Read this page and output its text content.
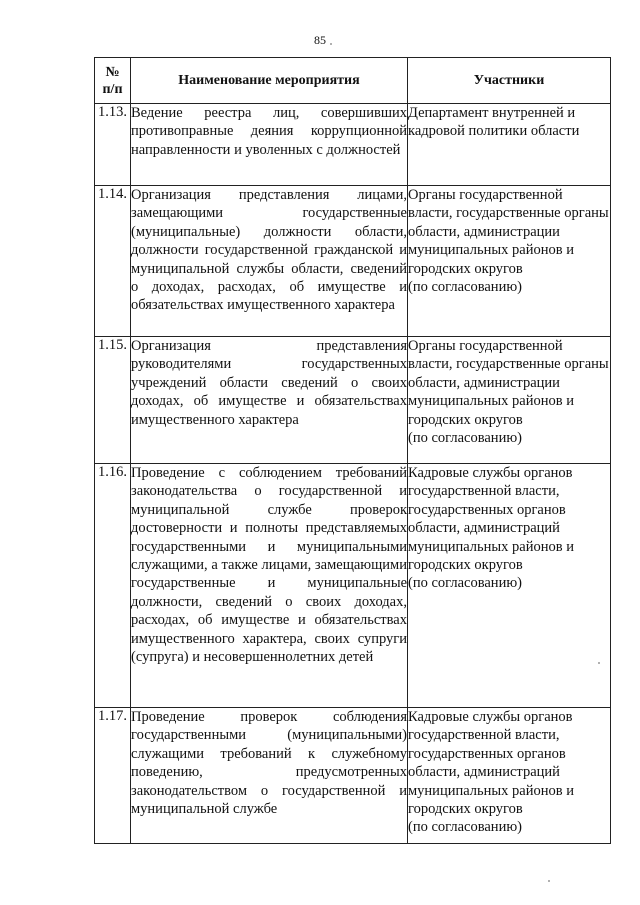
85
№
п/п	Наименование мероприятия	Участники
1.13.	Ведение реестра лиц, совершивших противоправные деяния коррупционной направленности и уволенных с должностей	Департамент внутренней и кадровой политики области
1.14.	Организация представления лицами, замещающими государственные (муниципальные) должности области, должности государственной гражданской и муниципальной службы области, сведений о доходах, расходах, об имуществе и обязательствах имущественного характера	Органы государственной власти, государственные органы области, администрации муниципальных районов и городских округов
(по согласованию)
1.15.	Организация представления руководителями государственных учреждений области сведений о своих доходах, об имуществе и обязательствах имущественного характера	Органы государственной власти, государственные органы области, администрации муниципальных районов и городских округов
(по согласованию)
1.16.	Проведение с соблюдением требований законодательства о государственной и муниципальной службе проверок достоверности и полноты представляемых государственными и муниципальными служащими, а также лицами, замещающими государственные и муниципальные должности, сведений о своих доходах, расходах, об имуществе и обязательствах имущественного характера, своих супруги (супруга) и несовершеннолетних детей	Кадровые службы органов государственной власти, государственных органов области, администраций муниципальных районов и городских округов
(по согласованию)
1.17.	Проведение проверок соблюдения государственными (муниципальными) служащими требований к служебному поведению, предусмотренных законодательством о государственной и муниципальной службе	Кадровые службы органов государственной власти, государственных органов области, администраций муниципальных районов и городских округов
(по согласованию)
